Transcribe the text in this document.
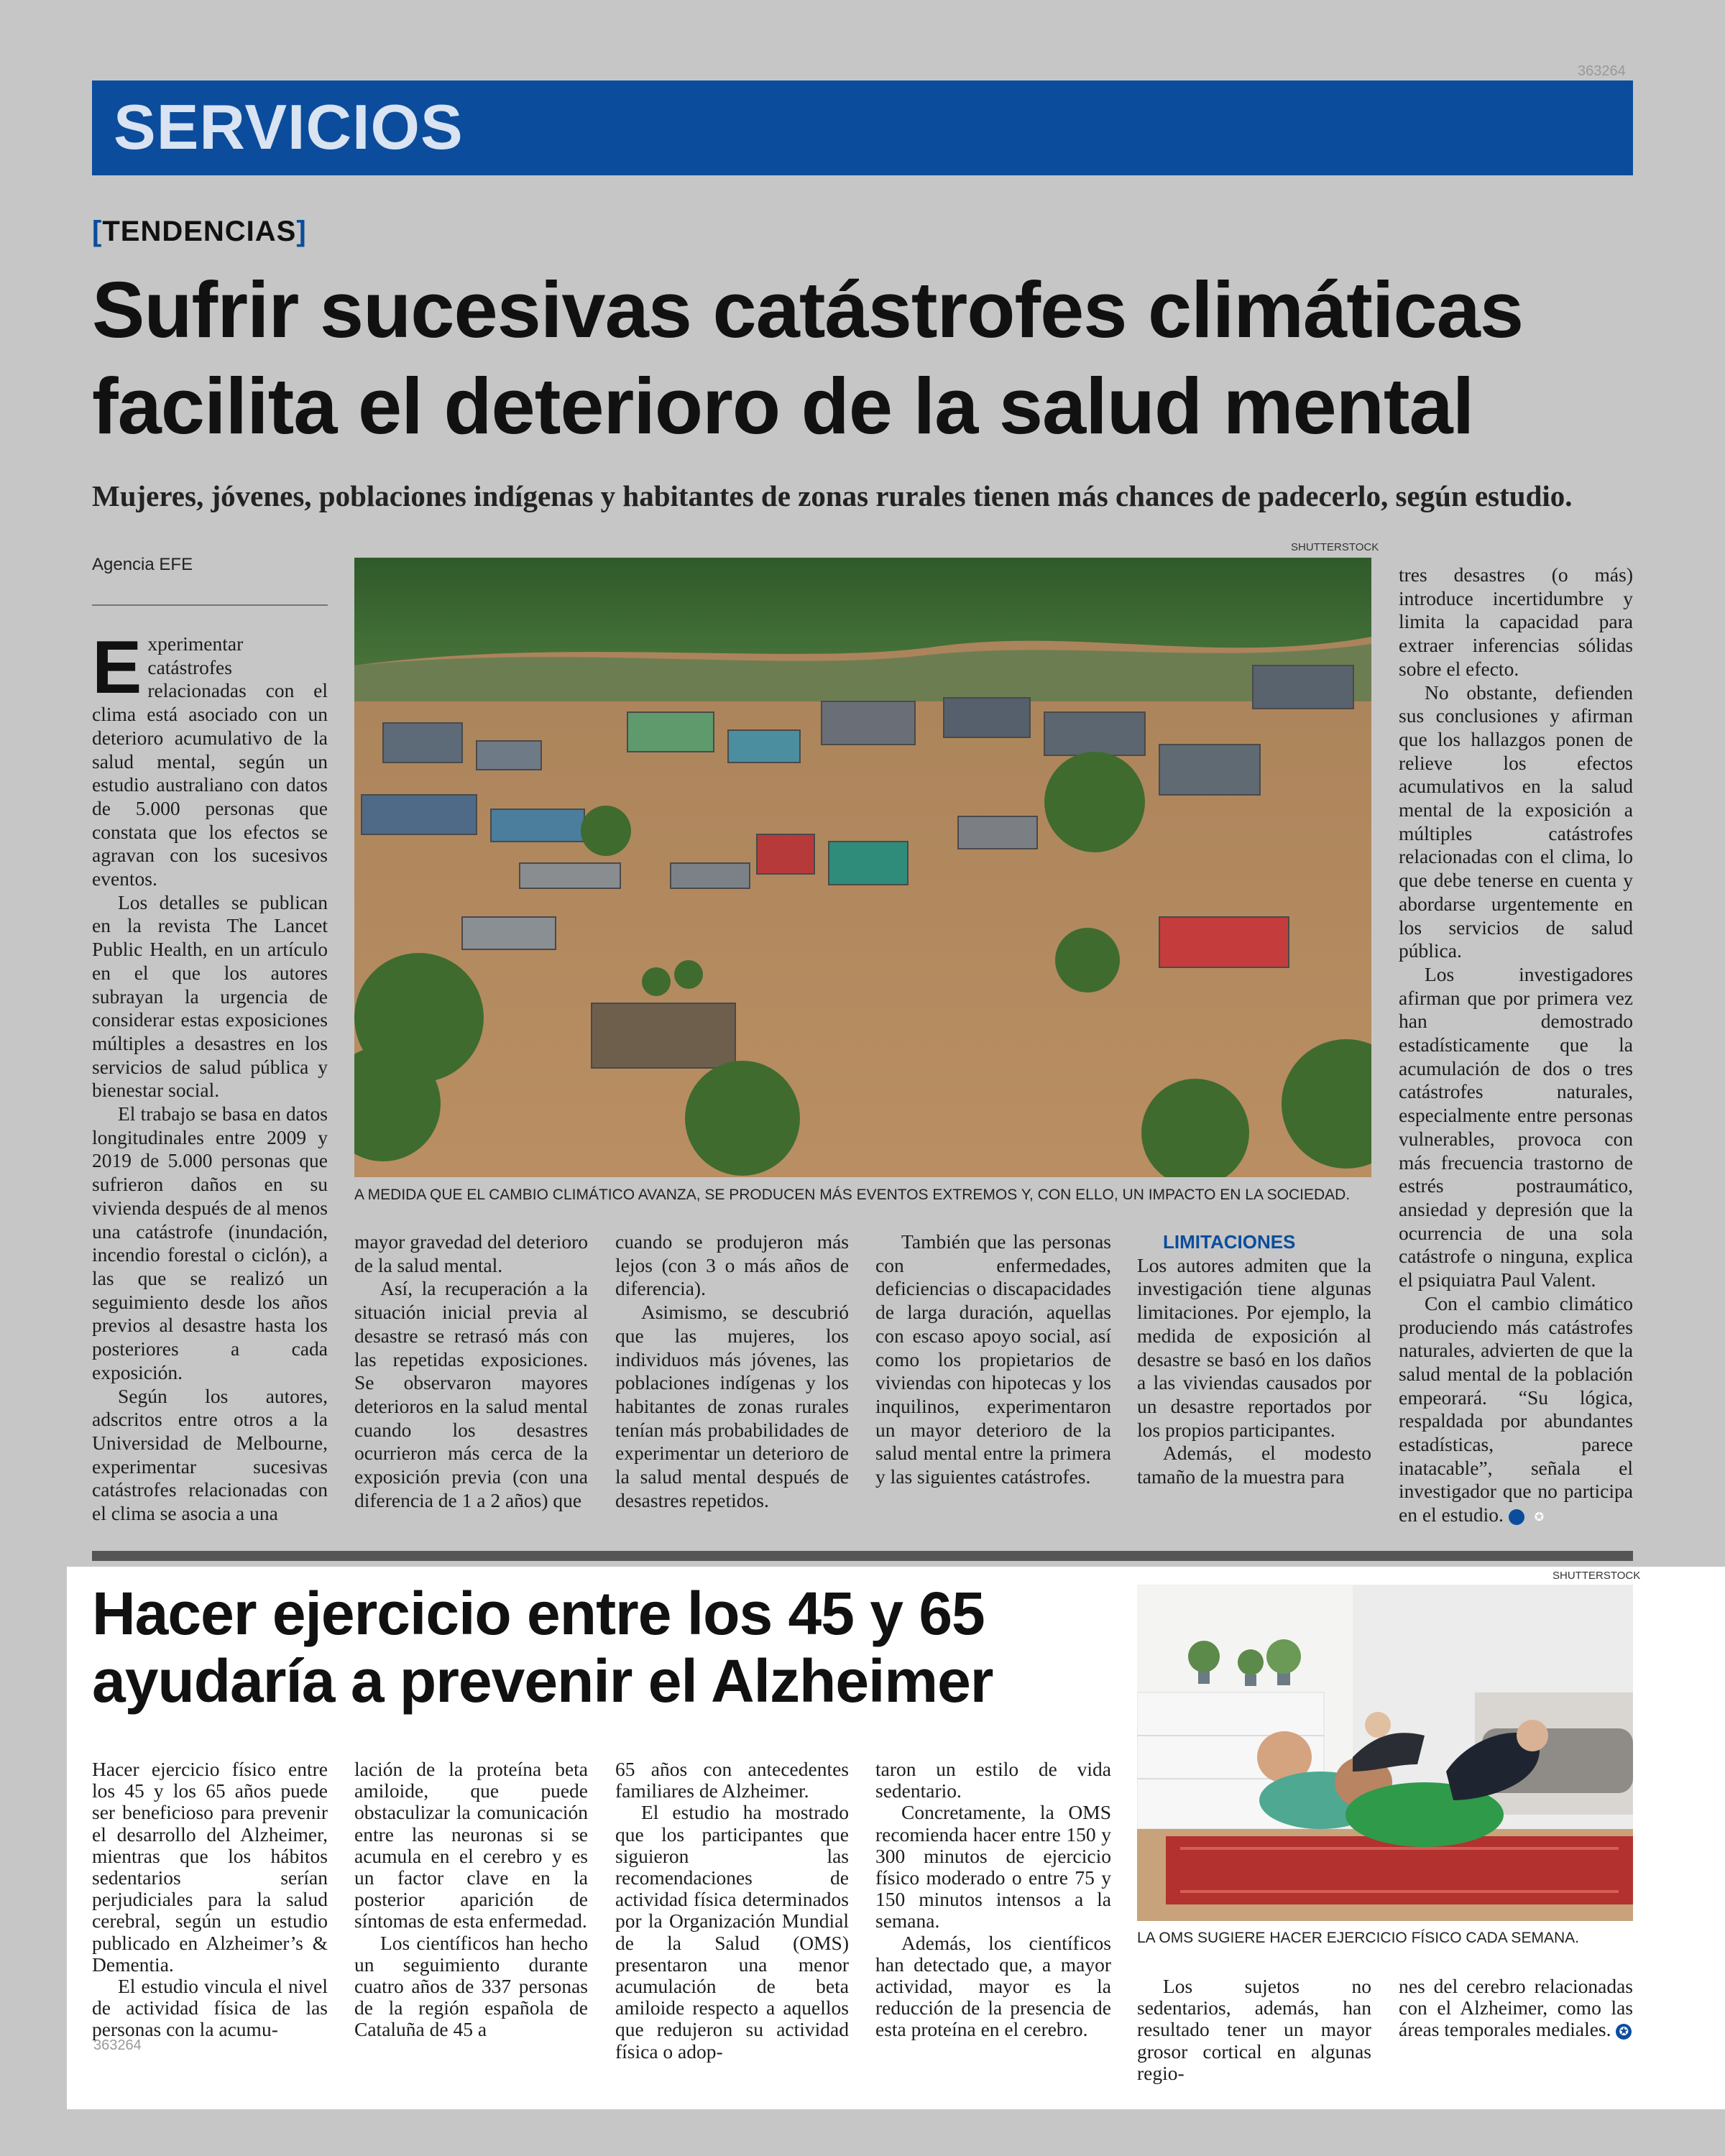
SERVICIOS
363264
[TENDENCIAS]
Sufrir sucesivas catástrofes climáticas
facilita el deterioro de la salud mental
Mujeres, jóvenes, poblaciones indígenas y habitantes de zonas rurales tienen más chances de padecerlo, según estudio.
Agencia EFE
SHUTTERSTOCK
A MEDIDA QUE EL CAMBIO CLIMÁTICO AVANZA, SE PRODUCEN MÁS EVENTOS EXTREMOS Y, CON ELLO, UN IMPACTO EN LA SOCIEDAD.

Experimentar catástrofes relacionadas con el clima está asociado con un deterioro acumulativo de la salud mental, según un estudio australiano con datos de 5.000 personas que constata que los efectos se agravan con los sucesivos eventos.

Los detalles se publican en la revista The Lancet Public Health, en un artículo en el que los autores subrayan la urgencia de considerar estas exposiciones múltiples a desastres en los servicios de salud pública y bienestar social.

El trabajo se basa en datos longitudinales entre 2009 y 2019 de 5.000 personas que sufrieron daños en su vivienda después de al menos una catástrofe (inundación, incendio forestal o ciclón), a las que se realizó un seguimiento desde los años previos al desastre hasta los posteriores a cada exposición.

Según los autores, adscritos entre otros a la Universidad de Melbourne, experimentar sucesivas catástrofes relacionadas con el clima se asocia a una

mayor gravedad del deterioro de la salud mental.

Así, la recuperación a la situación inicial previa al desastre se retrasó más con las repetidas exposiciones. Se observaron mayores deterioros en la salud mental cuando los desastres ocurrieron más cerca de la exposición previa (con una diferencia de 1 a 2 años) que

cuando se produjeron más lejos (con 3 o más años de diferencia).

Asimismo, se descubrió que las mujeres, los individuos más jóvenes, las poblaciones indígenas y los habitantes de zonas rurales tenían más probabilidades de experimentar un deterioro de la salud mental después de desastres repetidos.

También que las personas con enfermedades, deficiencias o discapacidades de larga duración, aquellas con escaso apoyo social, así como los propietarios de viviendas con hipotecas y los inquilinos, experimentaron un mayor deterioro de la salud mental entre la primera y las siguientes catástrofes.

LIMITACIONES

Los autores admiten que la investigación tiene algunas limitaciones. Por ejemplo, la medida de exposición al desastre se basó en los daños a las viviendas causados por un desastre reportados por los propios participantes.

Además, el modesto tamaño de la muestra para

tres desastres (o más) introduce incertidumbre y limita la capacidad para extraer inferencias sólidas sobre el efecto.

No obstante, defienden sus conclusiones y afirman que los hallazgos ponen de relieve los efectos acumulativos en la salud mental de la exposición a múltiples catástrofes relacionadas con el clima, lo que debe tenerse en cuenta y abordarse urgentemente en los servicios de salud pública.

Los investigadores afirman que por primera vez han demostrado estadísticamente que la acumulación de dos o tres catástrofes naturales, especialmente entre personas vulnerables, provoca con más frecuencia trastorno de estrés postraumático, ansiedad y depresión que la ocurrencia de una sola catástrofe o ninguna, explica el psiquiatra Paul Valent.

Con el cambio climático produciendo más catástrofes naturales, advierten de que la salud mental de la población empeorará. “Su lógica, respaldada por abundantes estadísticas, parece inatacable”, señala el investigador que no participa en el estudio.	✪

Hacer ejercicio entre los 45 y 65
ayudaría a prevenir el Alzheimer
SHUTTERSTOCK
LA OMS SUGIERE HACER EJERCICIO FÍSICO CADA SEMANA.

Hacer ejercicio físico entre los 45 y los 65 años puede ser beneficioso para prevenir el desarrollo del Alzheimer, mientras que los hábitos sedentarios serían perjudiciales para la salud cerebral, según un estudio publicado en Alzheimer’s & Dementia.

El estudio vincula el nivel de actividad física de las personas con la acumu-

lación de la proteína beta amiloide, que puede obstaculizar la comunicación entre las neuronas si se acumula en el cerebro y es un factor clave en la posterior aparición de síntomas de esta enfermedad.

Los científicos han hecho un seguimiento durante cuatro años de 337 personas de la región española de Cataluña de 45 a

65 años con antecedentes familiares de Alzheimer.

El estudio ha mostrado que los participantes que siguieron las recomendaciones de actividad física determinados por la Organización Mundial de la Salud (OMS) presentaron una menor acumulación de beta amiloide respecto a aquellos que redujeron su actividad física o adop-

taron un estilo de vida sedentario.

Concretamente, la OMS recomienda hacer entre 150 y 300 minutos de ejercicio físico moderado o entre 75 y 150 minutos intensos a la semana.

Además, los científicos han detectado que, a mayor actividad, mayor es la reducción de la presencia de esta proteína en el cerebro.

Los sujetos no sedentarios, además, han resultado tener un mayor grosor cortical en algunas regio-

nes del cerebro relacionadas con el Alzheimer, como las áreas temporales mediales. ✪

363264
